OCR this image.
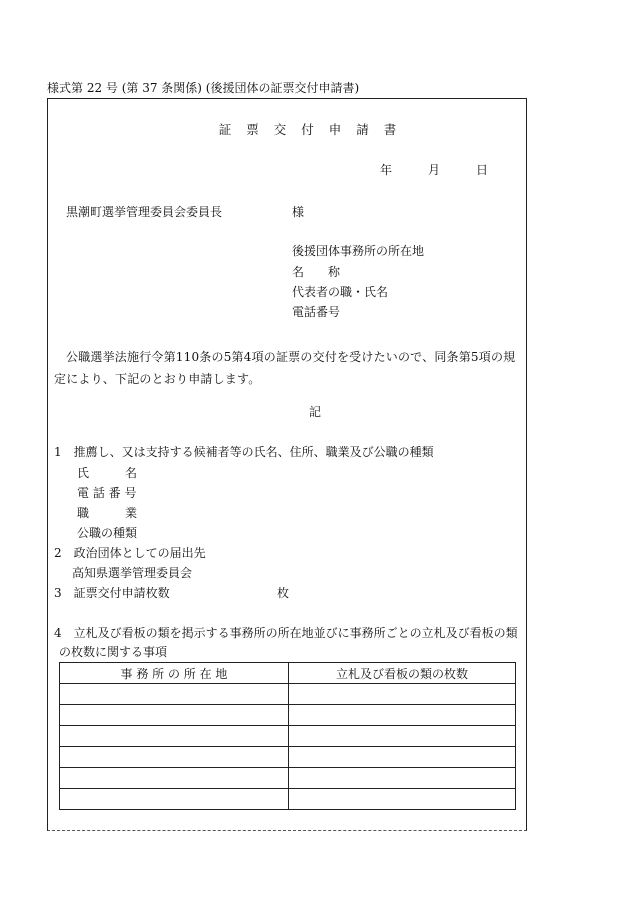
様式第 22 号 (第 37 条関係) (後援団体の証票交付申請書)
証票交付申請書
年	月	日
黒潮町選挙管理委員会委員長	様
後援団体事務所の所在地
名　　称
代表者の職・氏名
電話番号
公職選挙法施行令第110条の5第4項の証票の交付を受けたいので、同条第5項の規定により、下記のとおり申請します。
記
1　推薦し、又は支持する候補者等の氏名、住所、職業及び公職の種類
氏　　　名
電 話 番 号
職　　　業
公職の種類
2　政治団体としての届出先
高知県選挙管理委員会
3　証票交付申請枚数	枚
4　立札及び看板の類を掲示する事務所の所在地並びに事務所ごとの立札及び看板の類
の枚数に関する事項
事 務 所 の 所 在 地	立札及び看板の類の枚数
